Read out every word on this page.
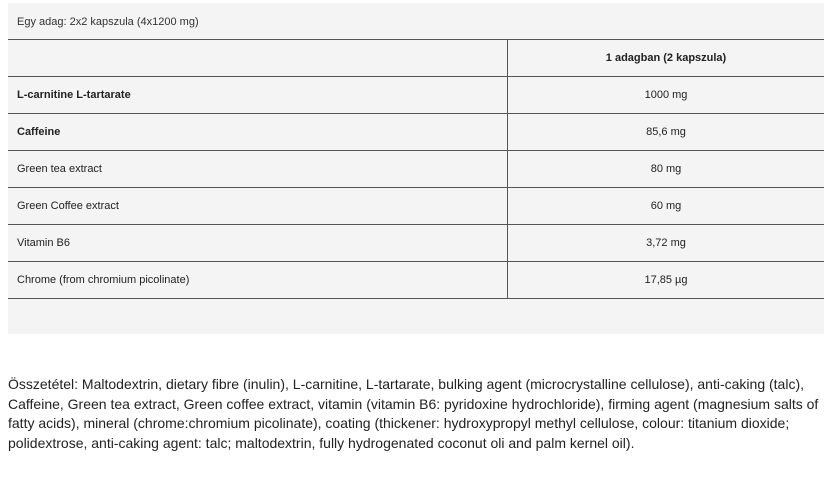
Egy adag: 2x2 kapszula (4x1200 mg)
	1 adagban (2 kapszula)
L-carnitine L-tartarate	1000 mg
Caffeine	85,6 mg
Green tea extract	80 mg
Green Coffee extract	60 mg
Vitamin B6	3,72 mg
Chrome (from chromium picolinate)	17,85 µg
Összetétel: Maltodextrin, dietary fibre (inulin), L-carnitine, L-tartarate, bulking agent (microcrystalline cellulose), anti-caking (talc), Caffeine, Green tea extract, Green coffee extract, vitamin (vitamin B6: pyridoxine hydrochloride), firming agent (magnesium salts of fatty acids), mineral (chrome:chromium picolinate), coating (thickener: hydroxypropyl methyl cellulose, colour: titanium dioxide; polidextrose, anti-caking agent: talc; maltodextrin, fully hydrogenated coconut oli and palm kernel oil).
